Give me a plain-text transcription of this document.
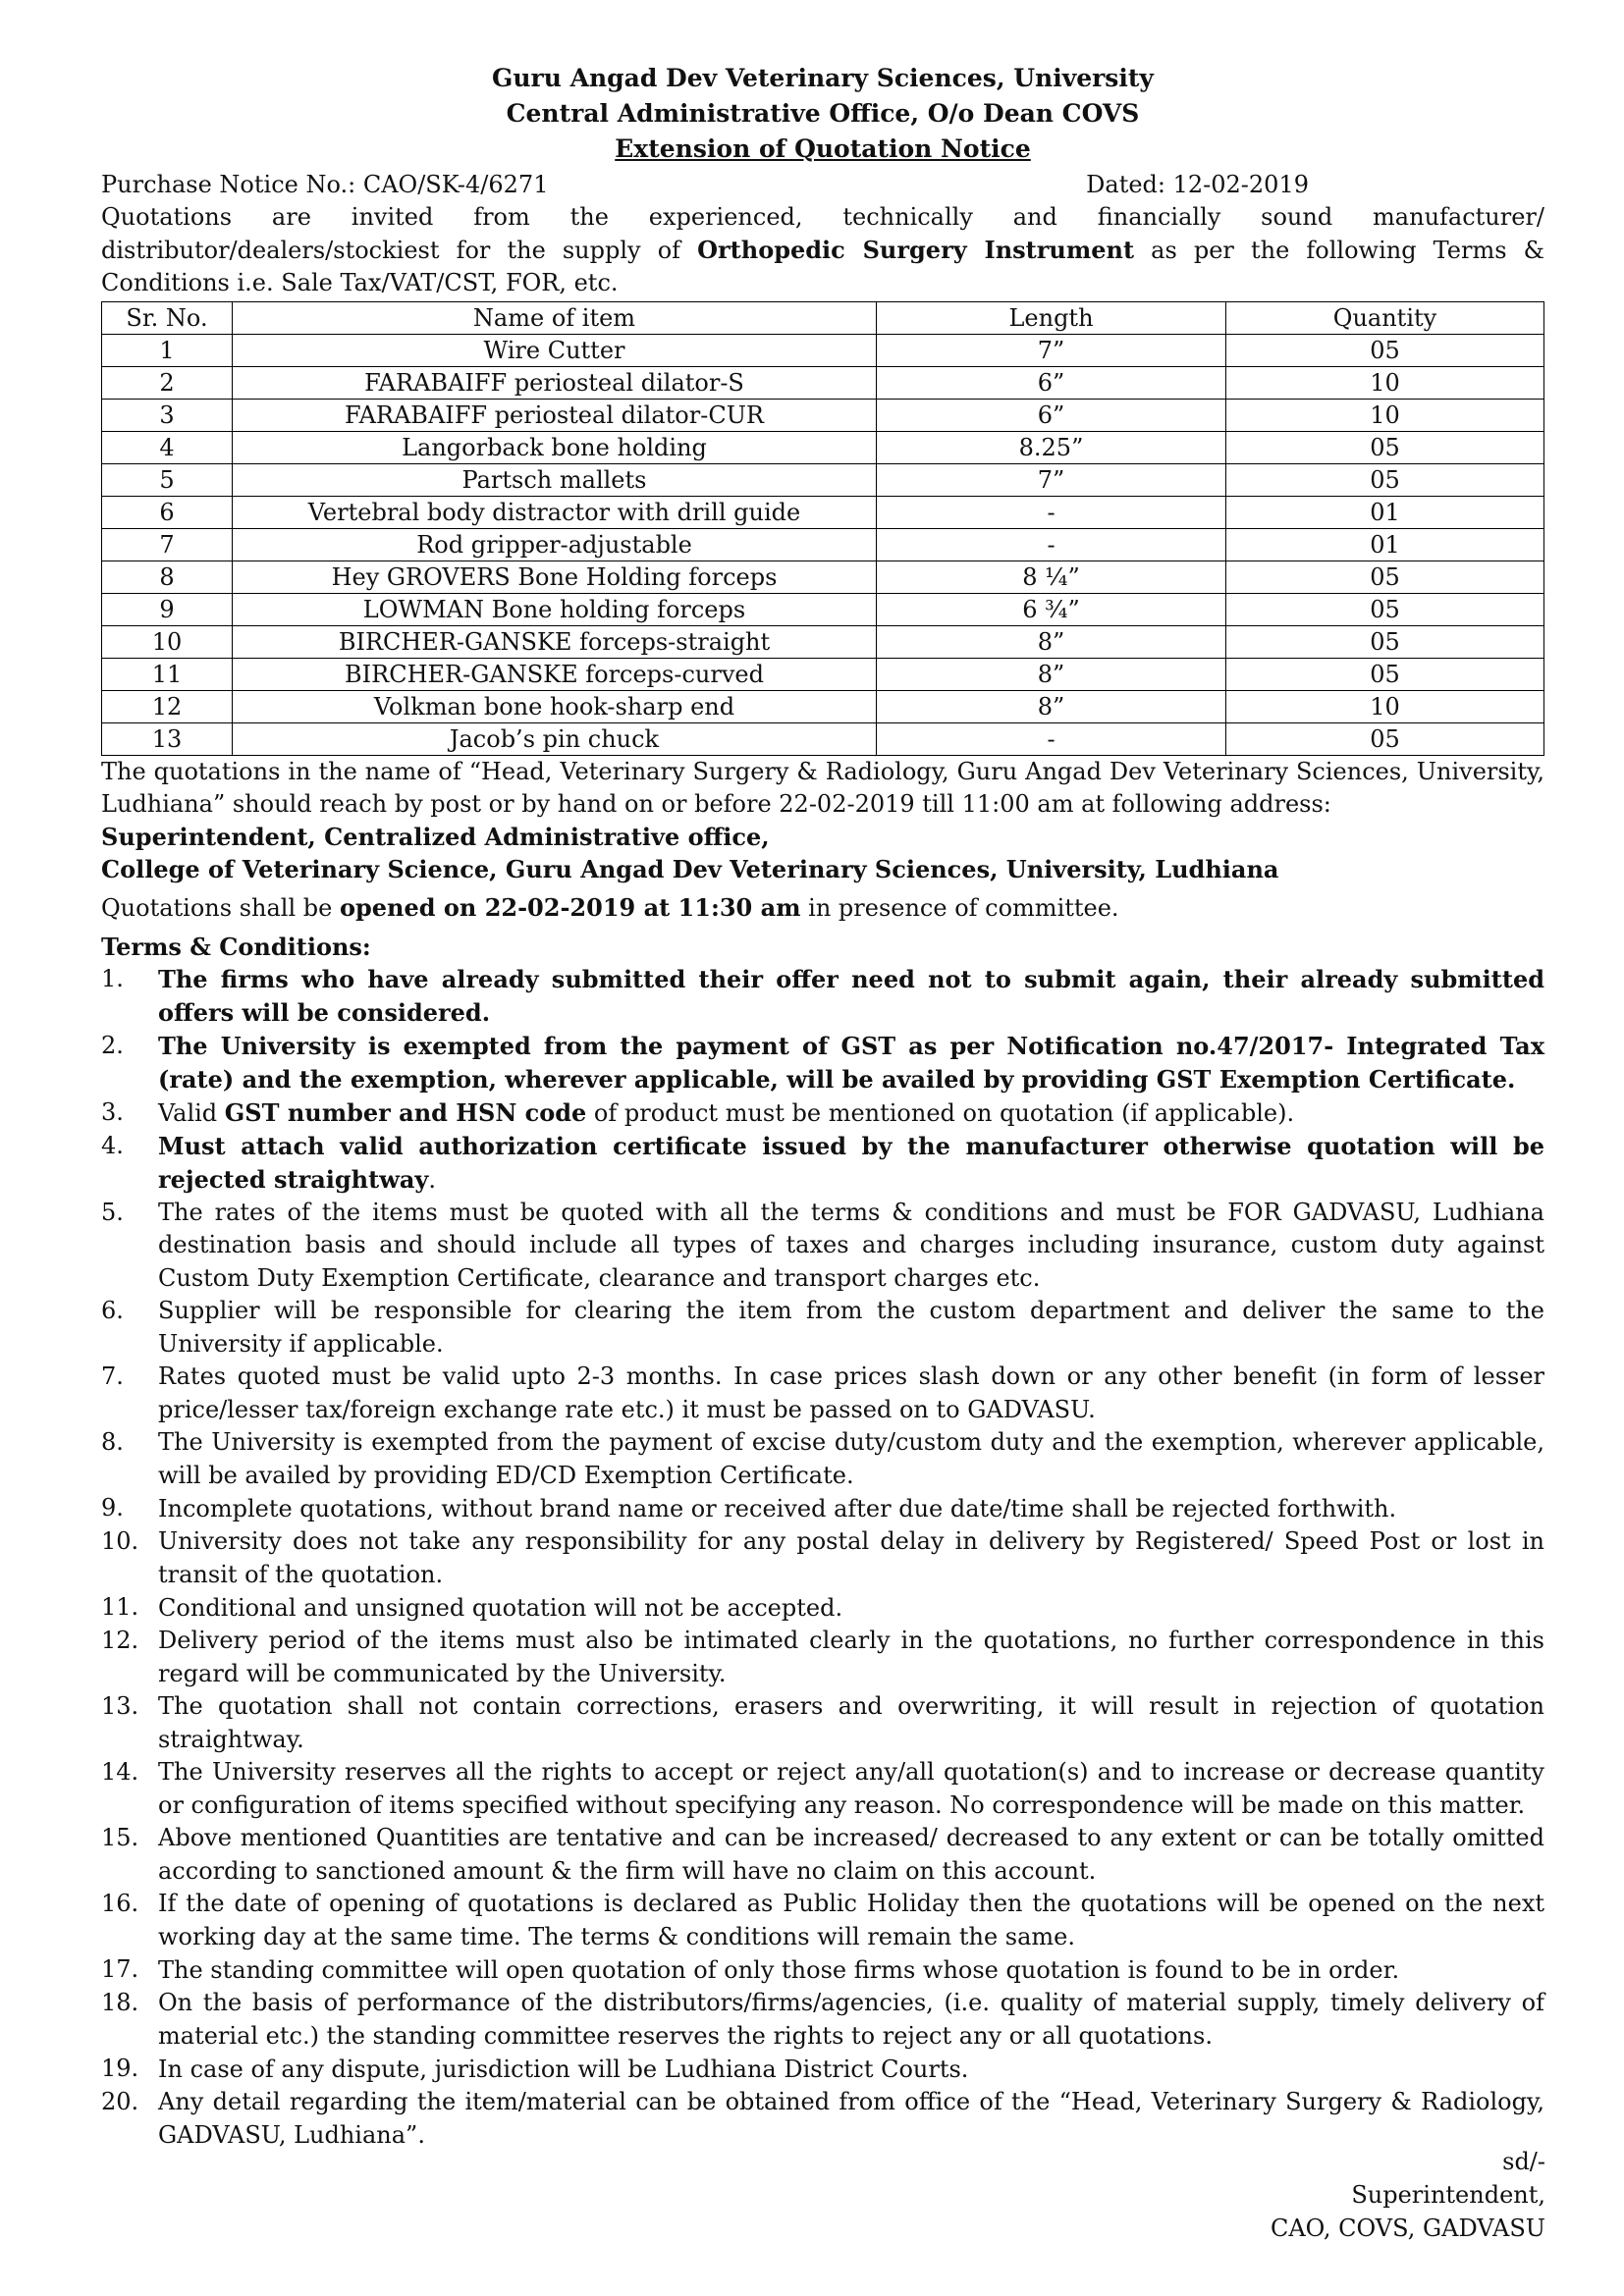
Guru Angad Dev Veterinary Sciences, University
Central Administrative Office, O/o Dean COVS
Extension of Quotation Notice
Purchase Notice No.: CAO/SK-4/6271	Dated: 12-02-2019
Quotations are invited from the experienced, technically and financially sound manufacturer/ distributor/dealers/stockiest for the supply of Orthopedic Surgery Instrument as per the following Terms & Conditions i.e. Sale Tax/VAT/CST, FOR, etc.
Sr. No.	Name of item	Length	Quantity
1	Wire Cutter	7”	05
2	FARABAIFF periosteal dilator-S	6”	10
3	FARABAIFF periosteal dilator-CUR	6”	10
4	Langorback bone holding	8.25”	05
5	Partsch mallets	7”	05
6	Vertebral body distractor with drill guide	-	01
7	Rod gripper-adjustable	-	01
8	Hey GROVERS Bone Holding forceps	8 ¼”	05
9	LOWMAN Bone holding forceps	6 ¾”	05
10	BIRCHER-GANSKE forceps-straight	8”	05
11	BIRCHER-GANSKE forceps-curved	8”	05
12	Volkman bone hook-sharp end	8”	10
13	Jacob’s pin chuck	-	05
The quotations in the name of “Head, Veterinary Surgery & Radiology, Guru Angad Dev Veterinary Sciences, University, Ludhiana” should reach by post or by hand on or before 22-02-2019 till 11:00 am at following address:
Superintendent, Centralized Administrative office,
College of Veterinary Science, Guru Angad Dev Veterinary Sciences, University, Ludhiana
Quotations shall be opened on 22-02-2019 at 11:30 am in presence of committee.
Terms & Conditions:
1.	The firms who have already submitted their offer need not to submit again, their already submitted offers will be considered.
2.	The University is exempted from the payment of GST as per Notification no.47/2017- Integrated Tax (rate) and the exemption, wherever applicable, will be availed by providing GST Exemption Certificate.
3.	Valid GST number and HSN code of product must be mentioned on quotation (if applicable).
4.	Must attach valid authorization certificate issued by the manufacturer otherwise quotation will be rejected straightway.
5.	The rates of the items must be quoted with all the terms & conditions and must be FOR GADVASU, Ludhiana destination basis and should include all types of taxes and charges including insurance, custom duty against Custom Duty Exemption Certificate, clearance and transport charges etc.
6.	Supplier will be responsible for clearing the item from the custom department and deliver the same to the University if applicable.
7.	Rates quoted must be valid upto 2-3 months. In case prices slash down or any other benefit (in form of lesser price/lesser tax/foreign exchange rate etc.) it must be passed on to GADVASU.
8.	The University is exempted from the payment of excise duty/custom duty and the exemption, wherever applicable, will be availed by providing ED/CD Exemption Certificate.
9.	Incomplete quotations, without brand name or received after due date/time shall be rejected forthwith.
10. University does not take any responsibility for any postal delay in delivery by Registered/ Speed Post or lost in transit of the quotation.
11. Conditional and unsigned quotation will not be accepted.
12. Delivery period of the items must also be intimated clearly in the quotations, no further correspondence in this regard will be communicated by the University.
13. The quotation shall not contain corrections, erasers and overwriting, it will result in rejection of quotation straightway.
14. The University reserves all the rights to accept or reject any/all quotation(s) and to increase or decrease quantity or configuration of items specified without specifying any reason. No correspondence will be made on this matter.
15. Above mentioned Quantities are tentative and can be increased/ decreased to any extent or can be totally omitted according to sanctioned amount & the firm will have no claim on this account.
16. If the date of opening of quotations is declared as Public Holiday then the quotations will be opened on the next working day at the same time. The terms & conditions will remain the same.
17. The standing committee will open quotation of only those firms whose quotation is found to be in order.
18. On the basis of performance of the distributors/firms/agencies, (i.e. quality of material supply, timely delivery of material etc.) the standing committee reserves the rights to reject any or all quotations.
19. In case of any dispute, jurisdiction will be Ludhiana District Courts.
20. Any detail regarding the item/material can be obtained from office of the “Head, Veterinary Surgery & Radiology, GADVASU, Ludhiana”.
sd/-
Superintendent,
CAO, COVS, GADVASU
